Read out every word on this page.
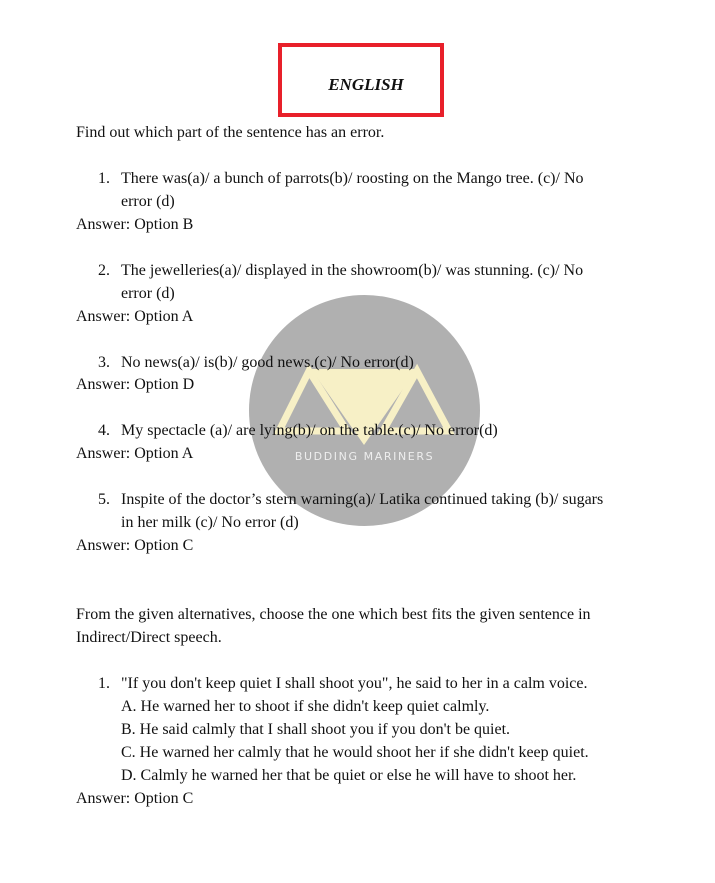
BUDDING MARINERS
ENGLISH
Find out which part of the sentence has an error.
1. There was(a)/ a bunch of parrots(b)/ roosting on the Mango tree. (c)/ No
error (d)
Answer: Option B
2. The jewelleries(a)/ displayed in the showroom(b)/ was stunning. (c)/ No
error (d)
Answer: Option A
3. No news(a)/ is(b)/ good news.(c)/ No error(d)
Answer: Option D
4. My spectacle (a)/ are lying(b)/ on the table.(c)/ No error(d)
Answer: Option A
5. Inspite of the doctor’s stern warning(a)/ Latika continued taking (b)/ sugars
in her milk (c)/ No error (d)
Answer: Option C
From the given alternatives, choose the one which best fits the given sentence in
Indirect/Direct speech.
1. "If you don't keep quiet I shall shoot you", he said to her in a calm voice.
A. He warned her to shoot if she didn't keep quiet calmly.
B. He said calmly that I shall shoot you if you don't be quiet.
C. He warned her calmly that he would shoot her if she didn't keep quiet.
D. Calmly he warned her that be quiet or else he will have to shoot her.
Answer: Option C
